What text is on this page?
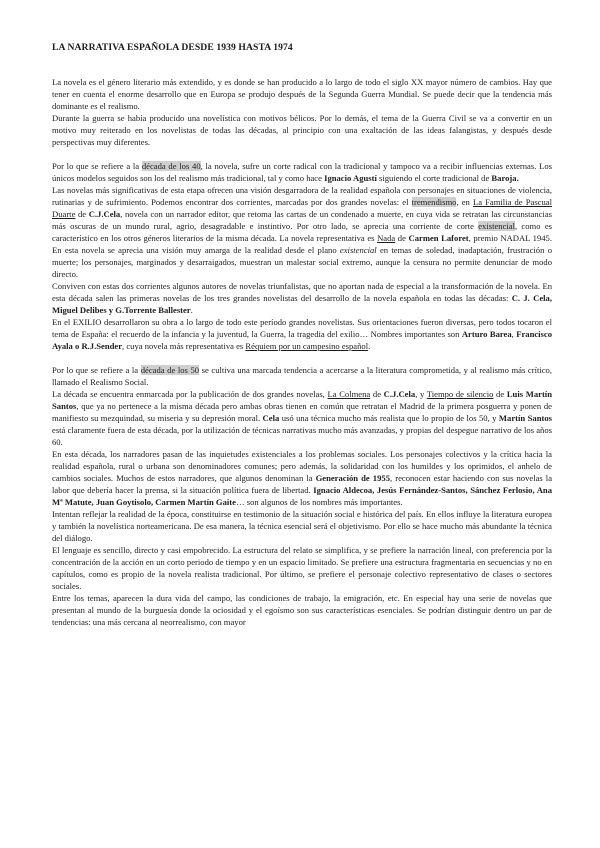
LA NARRATIVA ESPAÑOLA DESDE 1939 HASTA 1974

La novela es el género literario más extendido, y es donde se han producido a lo largo de todo el siglo XX mayor número de cambios. Hay que tener en cuenta el enorme desarrollo que en Europa se produjo después de la Segunda Guerra Mundial. Se puede decir que la tendencia más dominante es el realismo.

Durante la guerra se había producido una novelística con motivos bélicos. Por lo demás, el tema de la Guerra Civil se va a convertir en un motivo muy reiterado en los novelistas de todas las décadas, al principio con una exaltación de las ideas falangistas, y después desde perspectivas muy diferentes.

Por lo que se refiere a la década de los 40, la novela, sufre un corte radical con la tradicional y tampoco va a recibir influencias externas. Los únicos modelos seguidos son los del realismo más tradicional, tal y como hace Ignacio Agustí siguiendo el corte tradicional de Baroja.

Las novelas más significativas de esta etapa ofrecen una visión desgarradora de la realidad española con personajes en situaciones de violencia, rutinarias y de sufrimiento. Podemos encontrar dos corrientes, marcadas por dos grandes novelas: el tremendismo, en La Familia de Pascual Duarte de C.J.Cela, novela con un narrador editor, que retoma las cartas de un condenado a muerte, en cuya vida se retratan las circunstancias más oscuras de un mundo rural, agrio, desagradable e instintivo. Por otro lado, se aprecia una corriente de corte existencial, como es característico en los otros géneros literarios de la misma década. La novela representativa es Nada de Carmen Laforet, premio NADAL 1945. En esta novela se aprecia una visión muy amarga de la realidad desde el plano existencial en temas de soledad, inadaptación, frustración o muerte; los personajes, marginados y desarraigados, muestran un malestar social extremo, aunque la censura no permite denunciar de modo directo.

Conviven con estas dos corrientes algunos autores de novelas triunfalistas, que no aportan nada de especial a la transformación de la novela. En esta década salen las primeras novelas de los tres grandes novelistas del desarrollo de la novela española en todas las décadas: C. J. Cela, Miguel Delibes y G.Torrente Ballester.

En el EXILIO desarrollaron su obra a lo largo de todo este período grandes novelistas. Sus orientaciones fueron diversas, pero todos tocaron el tema de España: el recuerdo de la infancia y la juventud, la Guerra, la tragedia del exilio… Nombres importantes son Arturo Barea, Francisco Ayala o R.J.Sender, cuya novela más representativa es Réquiem por un campesino español.

Por lo que se refiere a la década de los 50 se cultiva una marcada tendencia a acercarse a la literatura comprometida, y al realismo más crítico, llamado el Realismo Social.

La década se encuentra enmarcada por la publicación de dos grandes novelas, La Colmena de C.J.Cela, y Tiempo de silencio de Luis Martín Santos, que ya no pertenece a la misma década pero ambas obras tienen en común que retratan el Madrid de la primera posguerra y ponen de manifiesto su mezquindad, su miseria y su depresión moral. Cela usó una técnica mucho más realista que lo propio de los 50, y Martín Santos está claramente fuera de esta década, por la utilización de técnicas narrativas mucho más avanzadas, y propias del despegue narrativo de los años 60.

En esta década, los narradores pasan de las inquietudes existenciales a los problemas sociales. Los personajes colectivos y la crítica hacia la realidad española, rural o urbana son denominadores comunes; pero además, la solidaridad con los humildes y los oprimidos, el anhelo de cambios sociales. Muchos de estos narradores, que algunos denominan la Generación de 1955, reconocen estar haciendo con sus novelas la labor que debería hacer la prensa, si la situación política fuera de libertad. Ignacio Aldecoa, Jesús Fernández-Santos, Sánchez Ferlosio, Ana Mª Matute, Juan Goytisolo, Carmen Martín Gaite… son algunos de los nombres más importantes.

Intentan reflejar la realidad de la época, constituirse en testimonio de la situación social e histórica del país. En ellos influye la literatura europea y también la novelística norteamericana. De esa manera, la técnica esencial será el objetivismo. Por ello se hace mucho más abundante la técnica del diálogo.

El lenguaje es sencillo, directo y casi empobrecido. La estructura del relato se simplifica, y se prefiere la narración lineal, con preferencia por la concentración de la acción en un corto periodo de tiempo y en un espacio limitado. Se prefiere una estructura fragmentaria en secuencias y no en capítulos, como es propio de la novela realista tradicional. Por último, se prefiere el personaje colectivo representativo de clases o sectores sociales.

Entre los temas, aparecen la dura vida del campo, las condiciones de trabajo, la emigración, etc. En especial hay una serie de novelas que presentan al mundo de la burguesía donde la ociosidad y el egoísmo son sus características esenciales. Se podrían distinguir dentro un par de tendencias: una más cercana al neorrealismo, con mayor
